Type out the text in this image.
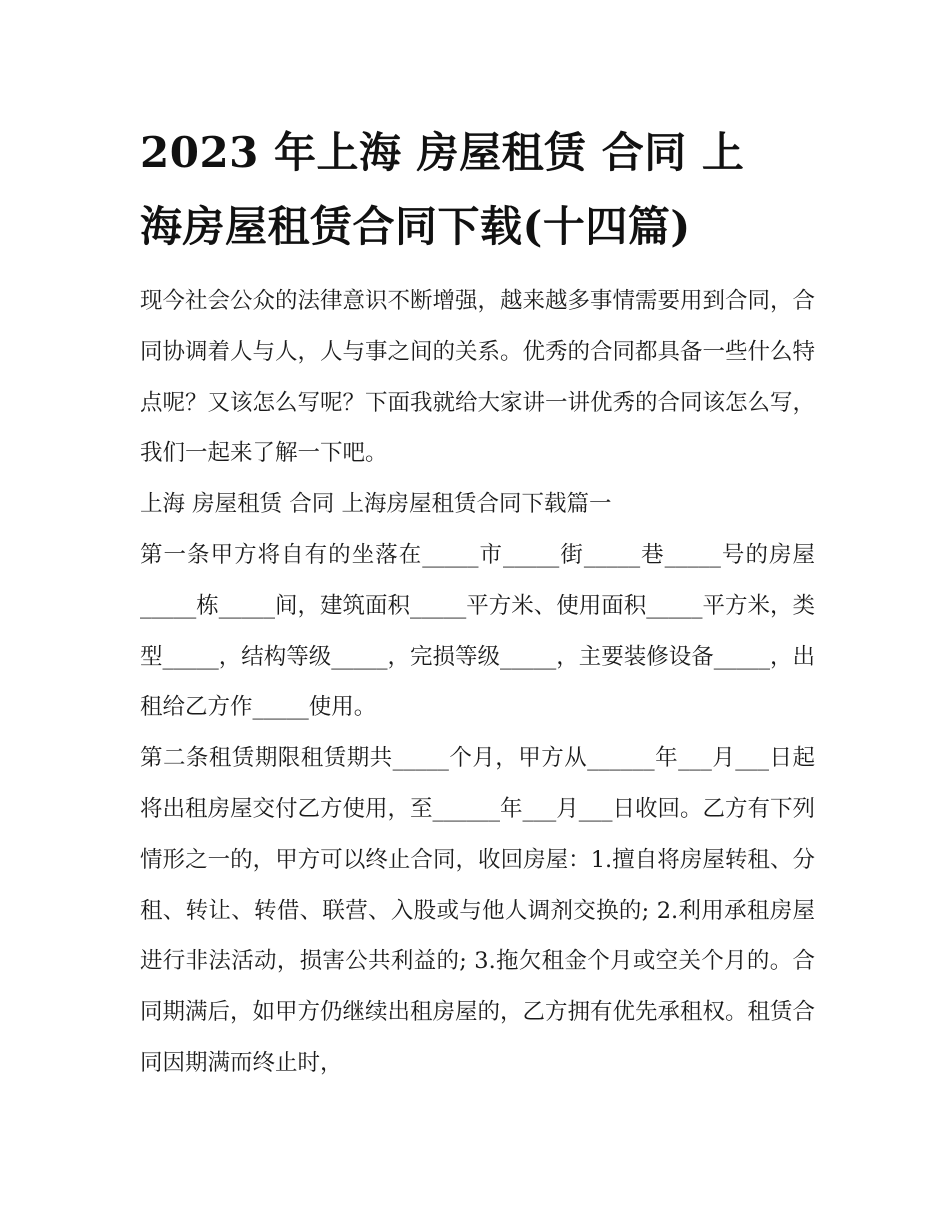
2023 年上海 房屋租赁 合同 上
海房屋租赁合同下载(十四篇)

现今社会公众的法律意识不断增强，越来越多事情需要用到合同，合同协调着人与人，人与事之间的关系。优秀的合同都具备一些什么特点呢？又该怎么写呢？下面我就给大家讲一讲优秀的合同该怎么写，我们一起来了解一下吧。

上海 房屋租赁 合同 上海房屋租赁合同下载篇一

第一条甲方将自有的坐落在_____市_____街_____巷_____号的房屋_____栋_____间，建筑面积_____平方米、使用面积_____平方米，类型_____，结构等级_____，完损等级_____，主要装修设备_____，出租给乙方作_____使用。

第二条租赁期限租赁期共_____个月，甲方从______年___月___日起将出租房屋交付乙方使用，至______年___月___日收回。乙方有下列情形之一的，甲方可以终止合同，收回房屋：1.擅自将房屋转租、分租、转让、转借、联营、入股或与他人调剂交换的; 2.利用承租房屋进行非法活动，损害公共利益的; 3.拖欠租金个月或空关个月的。合同期满后，如甲方仍继续出租房屋的，乙方拥有优先承租权。租赁合同因期满而终止时，
